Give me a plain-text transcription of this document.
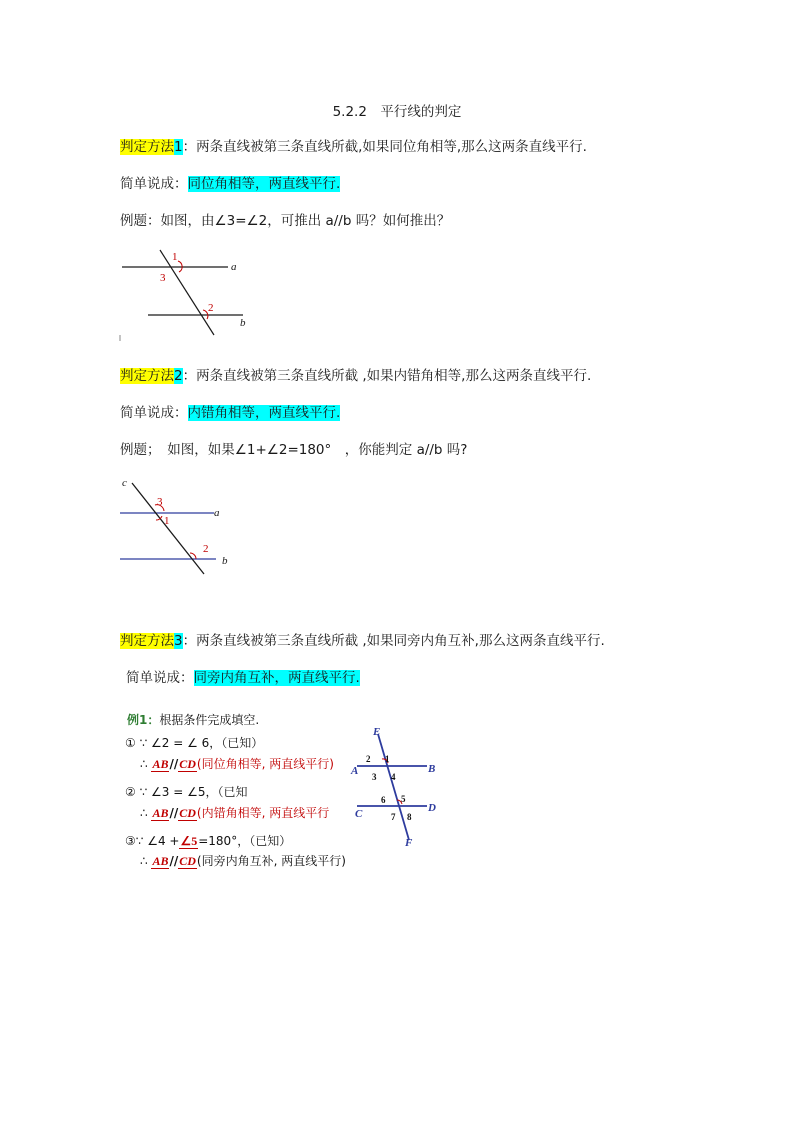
5.2.2　平行线的判定
判定方法1：两条直线被第三条直线所截,如果同位角相等,那么这两条直线平行.
简单说成：同位角相等，两直线平行.
例题：如图，由∠3=∠2，可推出 a//b 吗？如何推出？
1
3
2
a
b
判定方法2：两条直线被第三条直线所截 ,如果内错角相等,那么这两条直线平行.
简单说成：内错角相等，两直线平行.
例题；　如图，如果∠1+∠2=180°　，你能判定 a//b 吗?
c
3
1
2
a
b
判定方法3：两条直线被第三条直线所截 ,如果同旁内角互补,那么这两条直线平行.
简单说成：同旁内角互补，两直线平行.
例1：根据条件完成填空.
① ∵ ∠2 = ∠ 6，（已知）
∴ AB//CD(同位角相等, 两直线平行)
② ∵ ∠3 = ∠5，（已知
∴ AB//CD(内错角相等, 两直线平行
③∵ ∠4 +∠5=180°，（已知）
∴ AB//CD(同旁内角互补, 两直线平行)
E
A	B
C	D
F
1
2
3 4
5
6
7 8
